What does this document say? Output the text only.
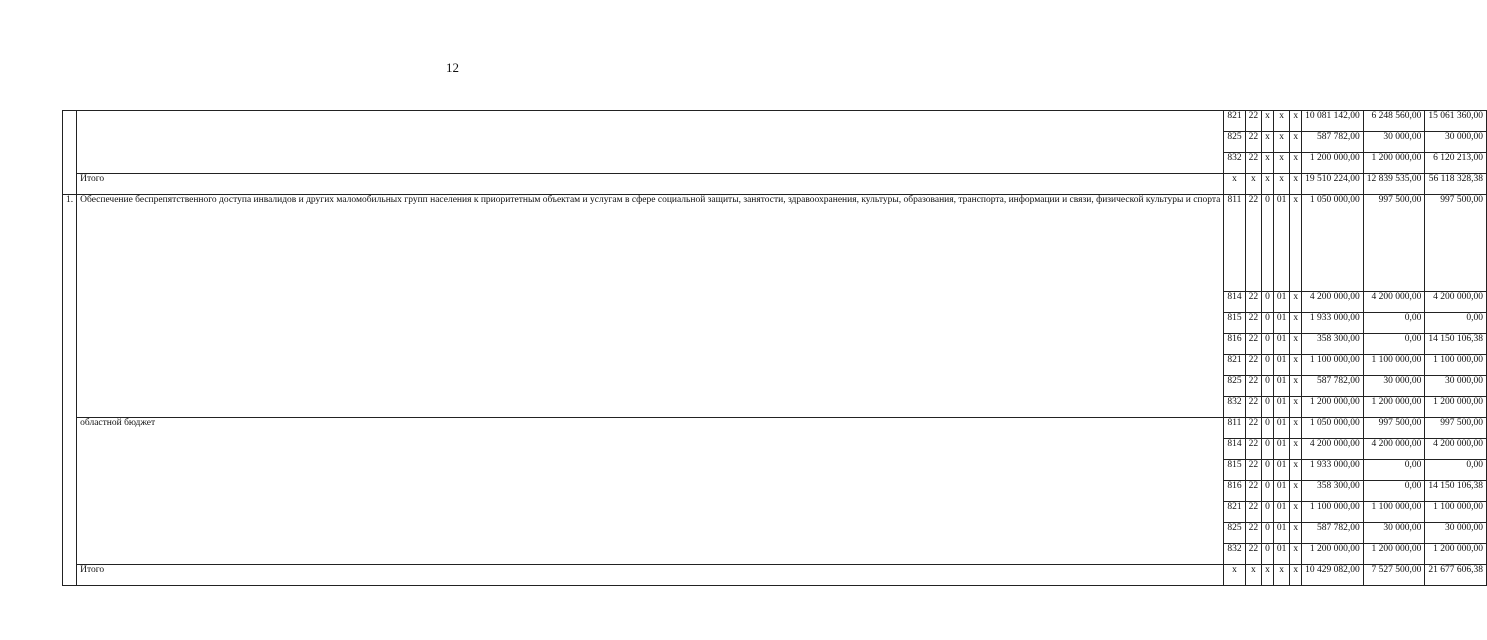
12
		821	22	x	x	x	10 081 142,00	6 248 560,00	15 061 360,00
		825	22	x	x	x	587 782,00	30 000,00	30 000,00
		832	22	x	x	x	1 200 000,00	1 200 000,00	6 120 213,00
	Итого	x	x	x	x	x	19 510 224,00	12 839 535,00	56 118 328,38
1.	Обеспечение беспрепятственного доступа инвалидов и других маломобильных групп населения к приоритетным объектам и услугам в сфере социальной защиты, занятости, здравоохранения, культуры, образования, транспорта, информации и связи, физической культуры и спорта	811	22	0	01	x	1 050 000,00	997 500,00	997 500,00
		814	22	0	01	x	4 200 000,00	4 200 000,00	4 200 000,00
		815	22	0	01	x	1 933 000,00	0,00	0,00
		816	22	0	01	x	358 300,00	0,00	14 150 106,38
		821	22	0	01	x	1 100 000,00	1 100 000,00	1 100 000,00
		825	22	0	01	x	587 782,00	30 000,00	30 000,00
		832	22	0	01	x	1 200 000,00	1 200 000,00	1 200 000,00
	областной бюджет	811	22	0	01	x	1 050 000,00	997 500,00	997 500,00
		814	22	0	01	x	4 200 000,00	4 200 000,00	4 200 000,00
		815	22	0	01	x	1 933 000,00	0,00	0,00
		816	22	0	01	x	358 300,00	0,00	14 150 106,38
		821	22	0	01	x	1 100 000,00	1 100 000,00	1 100 000,00
		825	22	0	01	x	587 782,00	30 000,00	30 000,00
		832	22	0	01	x	1 200 000,00	1 200 000,00	1 200 000,00
	Итого	x	x	x	x	x	10 429 082,00	7 527 500,00	21 677 606,38
